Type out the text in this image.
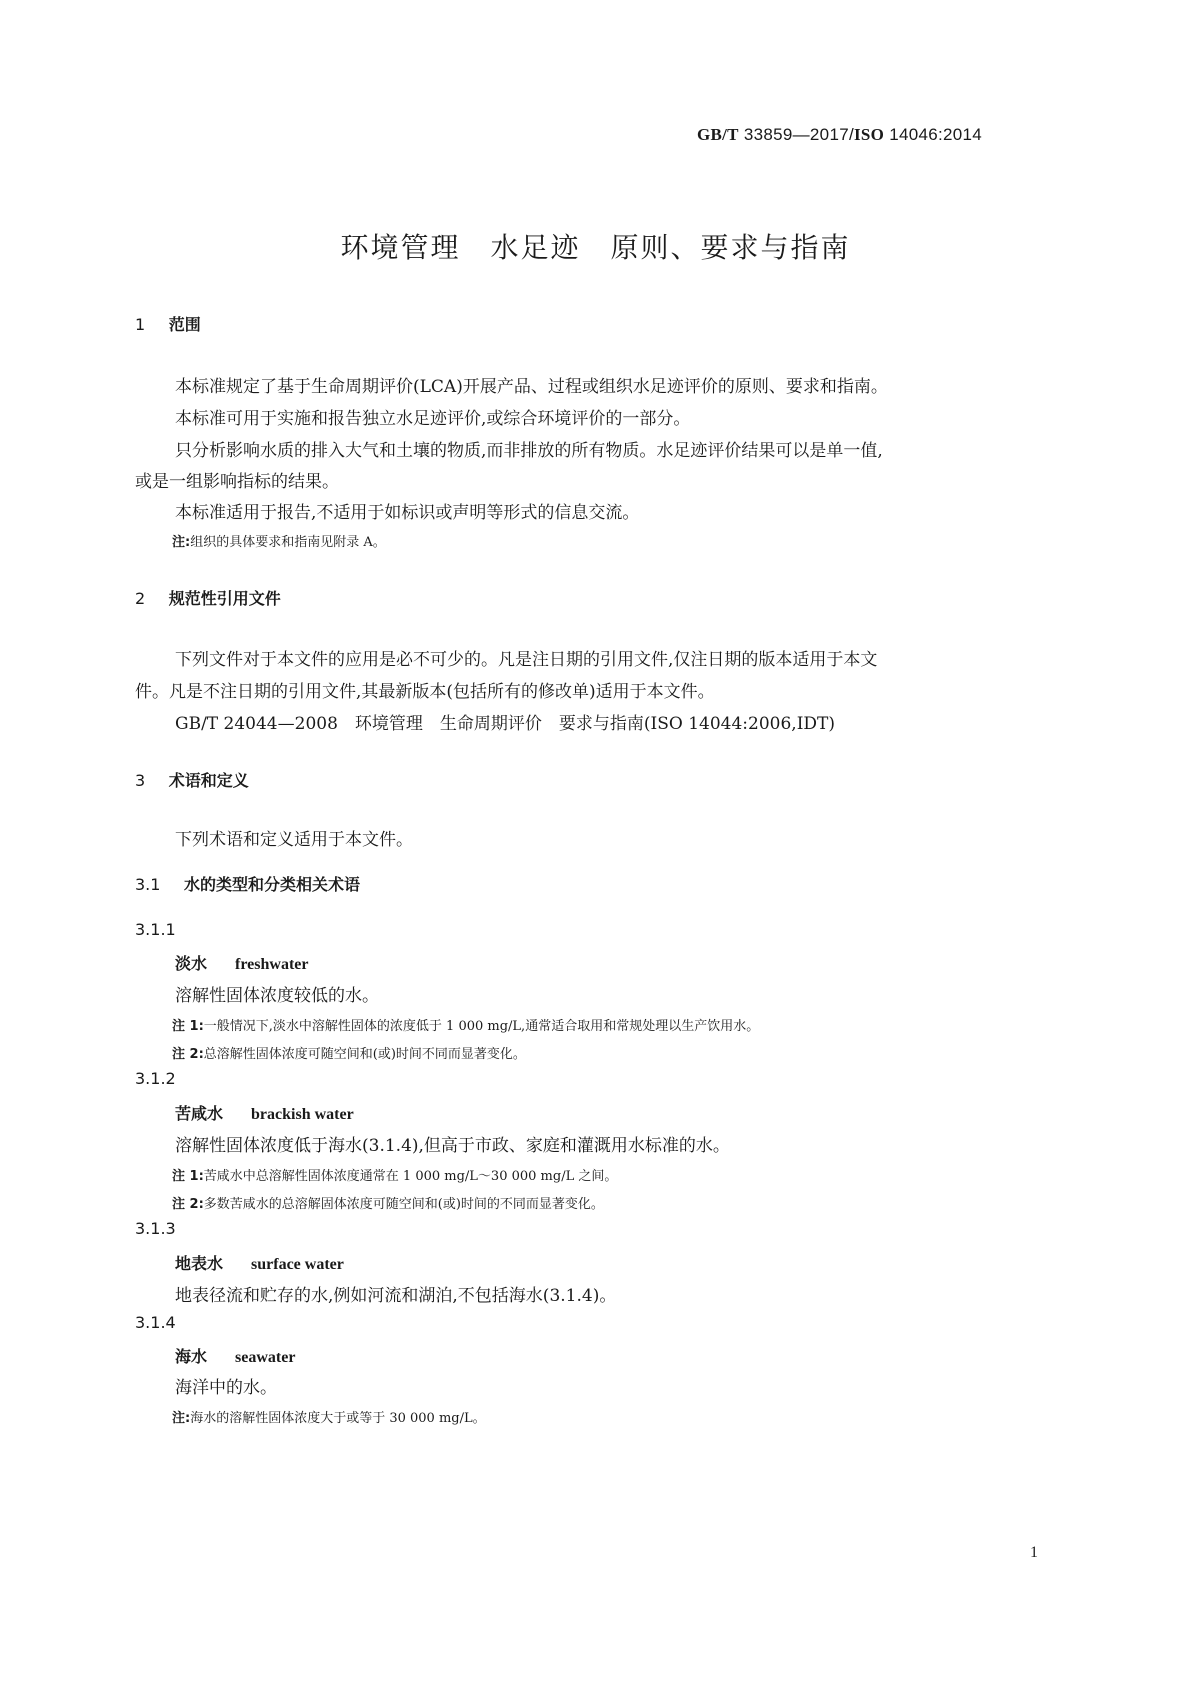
GB/T 33859—2017/ISO 14046:2014
环境管理　水足迹　原则、要求与指南
1 范围
本标准规定了基于生命周期评价(LCA)开展产品、过程或组织水足迹评价的原则、要求和指南。
本标准可用于实施和报告独立水足迹评价,或综合环境评价的一部分。
只分析影响水质的排入大气和土壤的物质,而非排放的所有物质。水足迹评价结果可以是单一值,
或是一组影响指标的结果。
本标准适用于报告,不适用于如标识或声明等形式的信息交流。
注:组织的具体要求和指南见附录 A。
2 规范性引用文件
下列文件对于本文件的应用是必不可少的。凡是注日期的引用文件,仅注日期的版本适用于本文
件。凡是不注日期的引用文件,其最新版本(包括所有的修改单)适用于本文件。
GB/T 24044—2008　环境管理　生命周期评价　要求与指南(ISO 14044:2006,IDT)
3 术语和定义
下列术语和定义适用于本文件。
3.1 水的类型和分类相关术语
3.1.1
淡水 freshwater
溶解性固体浓度较低的水。
注 1:一般情况下,淡水中溶解性固体的浓度低于 1 000 mg/L,通常适合取用和常规处理以生产饮用水。
注 2:总溶解性固体浓度可随空间和(或)时间不同而显著变化。
3.1.2
苦咸水 brackish water
溶解性固体浓度低于海水(3.1.4),但高于市政、家庭和灌溉用水标准的水。
注 1:苦咸水中总溶解性固体浓度通常在 1 000 mg/L～30 000 mg/L 之间。
注 2:多数苦咸水的总溶解固体浓度可随空间和(或)时间的不同而显著变化。
3.1.3
地表水 surface water
地表径流和贮存的水,例如河流和湖泊,不包括海水(3.1.4)。
3.1.4
海水 seawater
海洋中的水。
注:海水的溶解性固体浓度大于或等于 30 000 mg/L。
1
